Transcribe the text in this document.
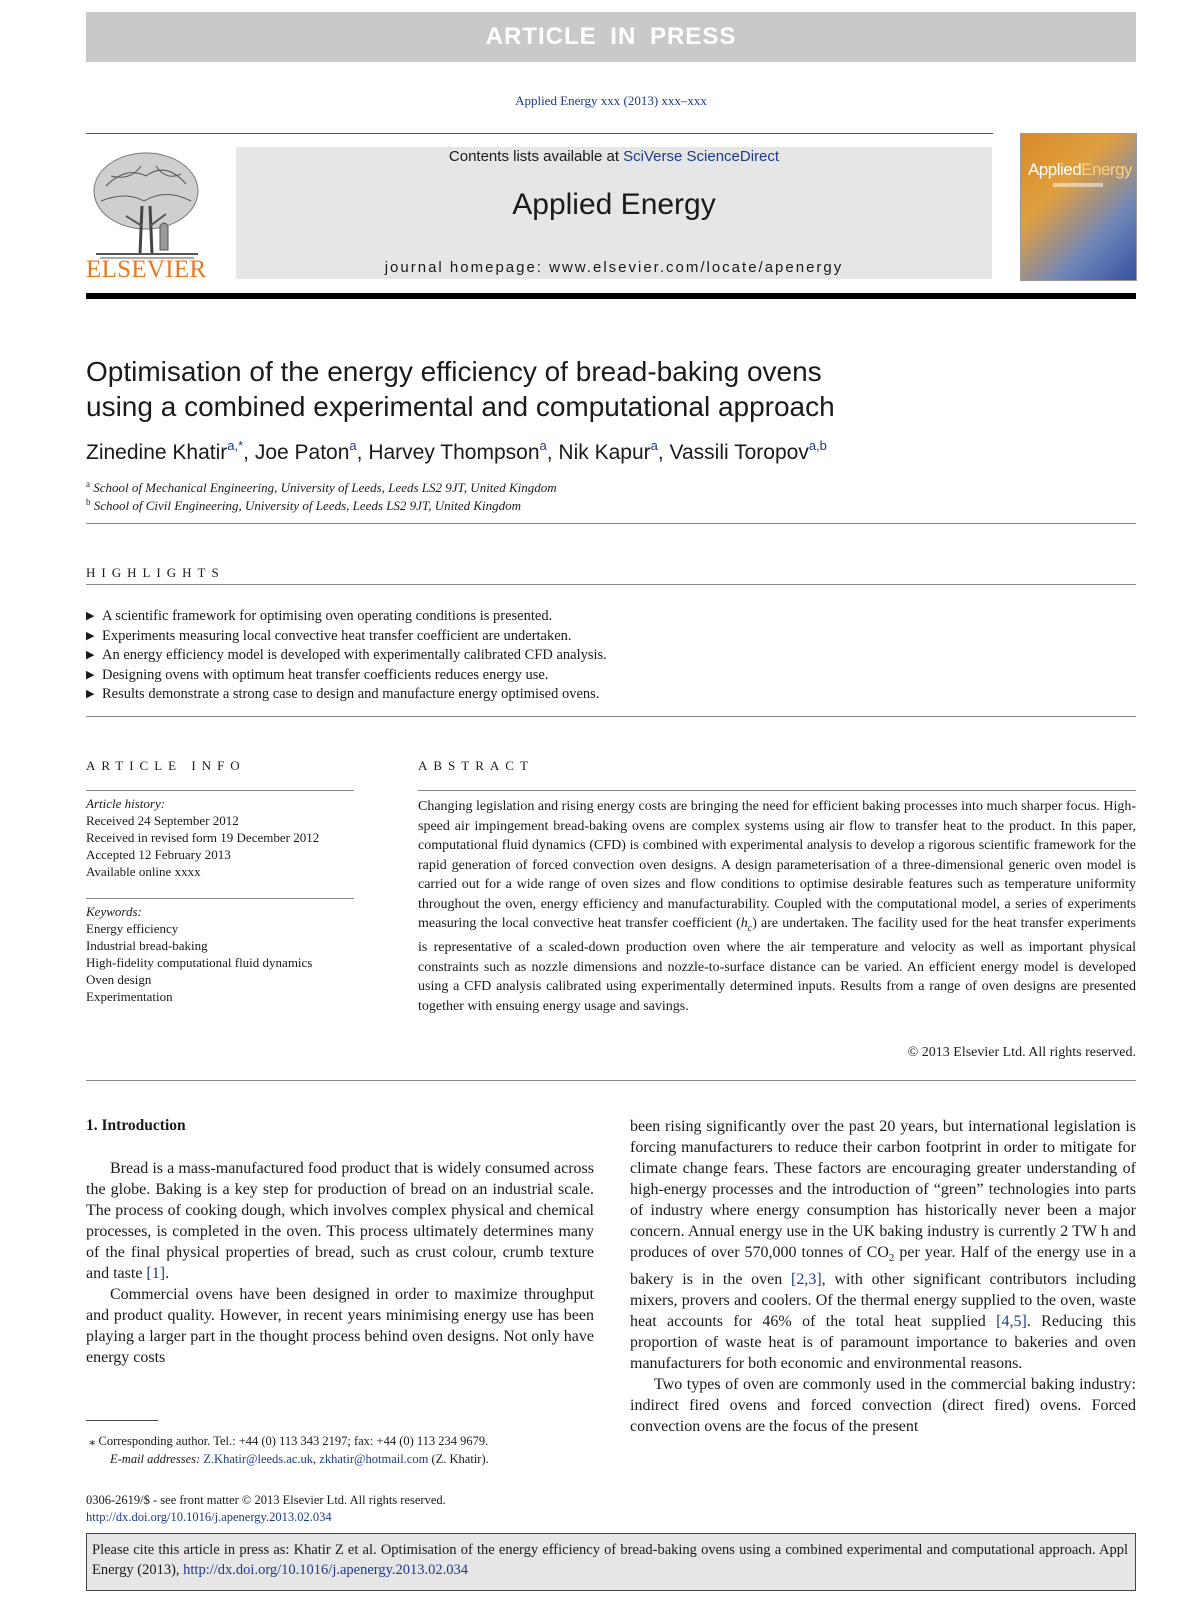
ARTICLE IN PRESS
Applied Energy xxx (2013) xxx–xxx
ELSEVIER
Contents lists available at SciVerse ScienceDirect
Applied Energy
journal homepage: www.elsevier.com/locate/apenergy
AppliedEnergy
Optimisation of the energy efficiency of bread-baking ovens
using a combined experimental and computational approach
Zinedine Khatir$^{a,*}$, Joe Paton$^a$, Harvey Thompson$^a$, Nik Kapur$^a$, Vassili Toropov$^{a,b}$
$^a$ School of Mechanical Engineering, University of Leeds, Leeds LS2 9JT, United Kingdom
$^b$ School of Civil Engineering, University of Leeds, Leeds LS2 9JT, United Kingdom
HIGHLIGHTS
▶ A scientific framework for optimising oven operating conditions is presented.
▶ Experiments measuring local convective heat transfer coefficient are undertaken.
▶ An energy efficiency model is developed with experimentally calibrated CFD analysis.
▶ Designing ovens with optimum heat transfer coefficients reduces energy use.
▶ Results demonstrate a strong case to design and manufacture energy optimised ovens.
ARTICLE INFO	ABSTRACT
Article history:
Received 24 September 2012
Received in revised form 19 December 2012
Accepted 12 February 2013
Available online xxxx
Keywords:
Energy efficiency
Industrial bread-baking
High-fidelity computational fluid dynamics
Oven design
Experimentation
Changing legislation and rising energy costs are bringing the need for efficient baking processes into much sharper focus. High-speed air impingement bread-baking ovens are complex systems using air flow to transfer heat to the product. In this paper, computational fluid dynamics (CFD) is combined with experimental analysis to develop a rigorous scientific framework for the rapid generation of forced convection oven designs. A design parameterisation of a three-dimensional generic oven model is carried out for a wide range of oven sizes and flow conditions to optimise desirable features such as temperature uniformity throughout the oven, energy efficiency and manufacturability. Coupled with the computational model, a series of experiments measuring the local convective heat transfer coefficient $(h_c)$ are undertaken. The facility used for the heat transfer experiments is representative of a scaled-down production oven where the air temperature and velocity as well as important physical constraints such as nozzle dimensions and nozzle-to-surface distance can be varied. An efficient energy model is developed using a CFD analysis calibrated using experimentally determined inputs. Results from a range of oven designs are presented together with ensuing energy usage and savings.
© 2013 Elsevier Ltd. All rights reserved.
1. Introduction

Bread is a mass-manufactured food product that is widely consumed across the globe. Baking is a key step for production of bread on an industrial scale. The process of cooking dough, which involves complex physical and chemical processes, is completed in the oven. This process ultimately determines many of the final physical properties of bread, such as crust colour, crumb texture and taste [1].

Commercial ovens have been designed in order to maximize throughput and product quality. However, in recent years minimising energy use has been playing a larger part in the thought process behind oven designs. Not only have energy costs

been rising significantly over the past 20 years, but international legislation is forcing manufacturers to reduce their carbon footprint in order to mitigate for climate change fears. These factors are encouraging greater understanding of high-energy processes and the introduction of “green” technologies into parts of industry where energy consumption has historically never been a major concern. Annual energy use in the UK baking industry is currently 2 TW h and produces of over 570,000 tonnes of $CO_2$ per year. Half of the energy use in a bakery is in the oven [2,3], with other significant contributors including mixers, provers and coolers. Of the thermal energy supplied to the oven, waste heat accounts for 46% of the total heat supplied [4,5]. Reducing this proportion of waste heat is of paramount importance to bakeries and oven manufacturers for both economic and environmental reasons.

Two types of oven are commonly used in the commercial baking industry: indirect fired ovens and forced convection (direct fired) ovens. Forced convection ovens are the focus of the present

⁎ Corresponding author. Tel.: +44 (0) 113 343 2197; fax: +44 (0) 113 234 9679.
E-mail addresses: Z.Khatir@leeds.ac.uk, zkhatir@hotmail.com (Z. Khatir).
0306-2619/$ - see front matter © 2013 Elsevier Ltd. All rights reserved.
http://dx.doi.org/10.1016/j.apenergy.2013.02.034
Please cite this article in press as: Khatir Z et al. Optimisation of the energy efficiency of bread-baking ovens using a combined experimental and computational approach. Appl Energy (2013), http://dx.doi.org/10.1016/j.apenergy.2013.02.034
